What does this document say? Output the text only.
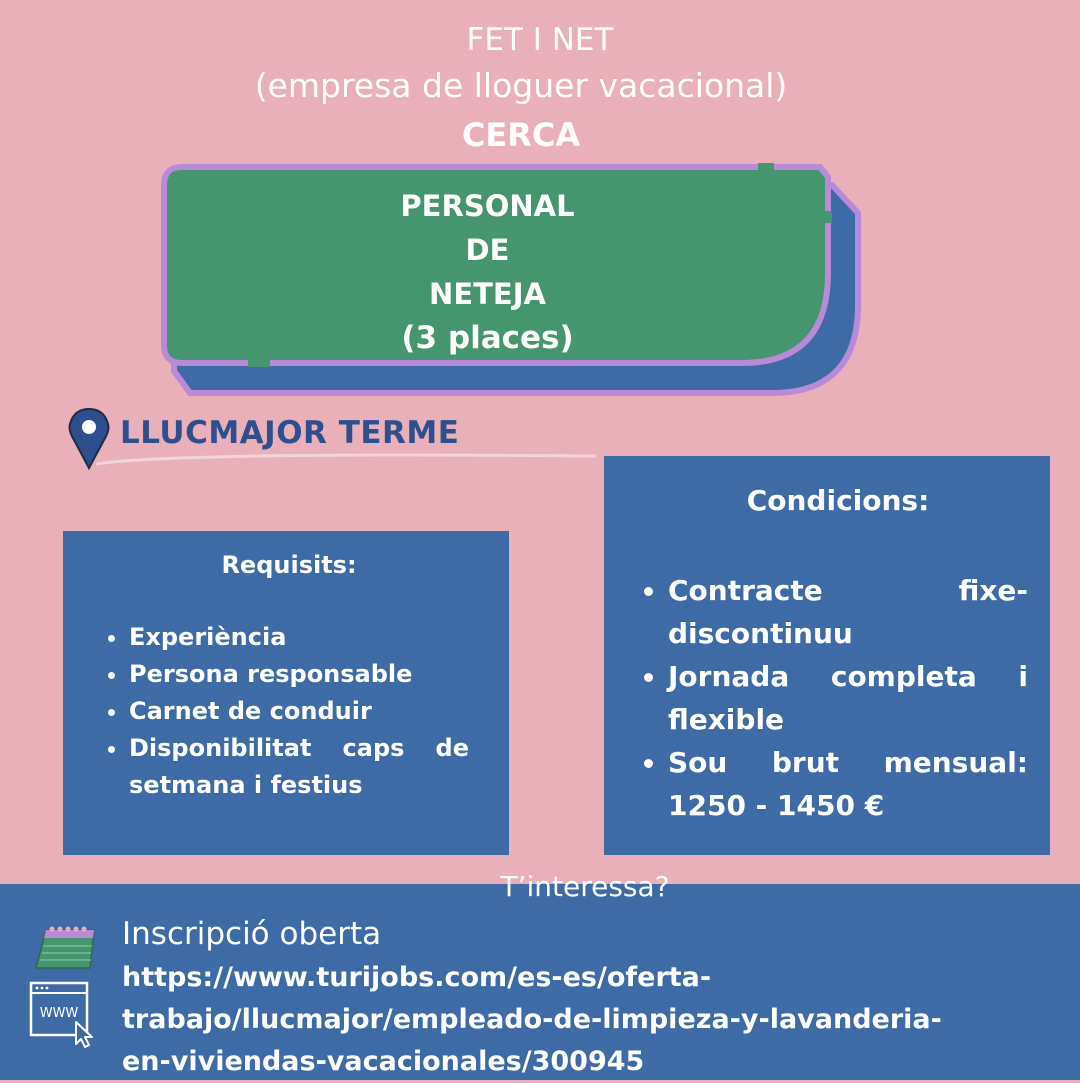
FET I NET
(empresa de lloguer vacacional)
CERCA
PERSONAL
DE
NETEJA
(3 places)
LLUCMAJOR TERME
Requisits:
• Experiència
• Persona responsable
• Carnet de conduir
• Disponibilitat caps de setmana i festius
Condicions:
• Contracte fixe-discontinuu
• Jornada completa i flexible
• Sou brut mensual: 1250 - 1450 €
T’interessa?
WWW
Inscripció oberta
https://www.turijobs.com/es-es/oferta-
trabajo/llucmajor/empleado-de-limpieza-y-lavanderia-
en-viviendas-vacacionales/300945
